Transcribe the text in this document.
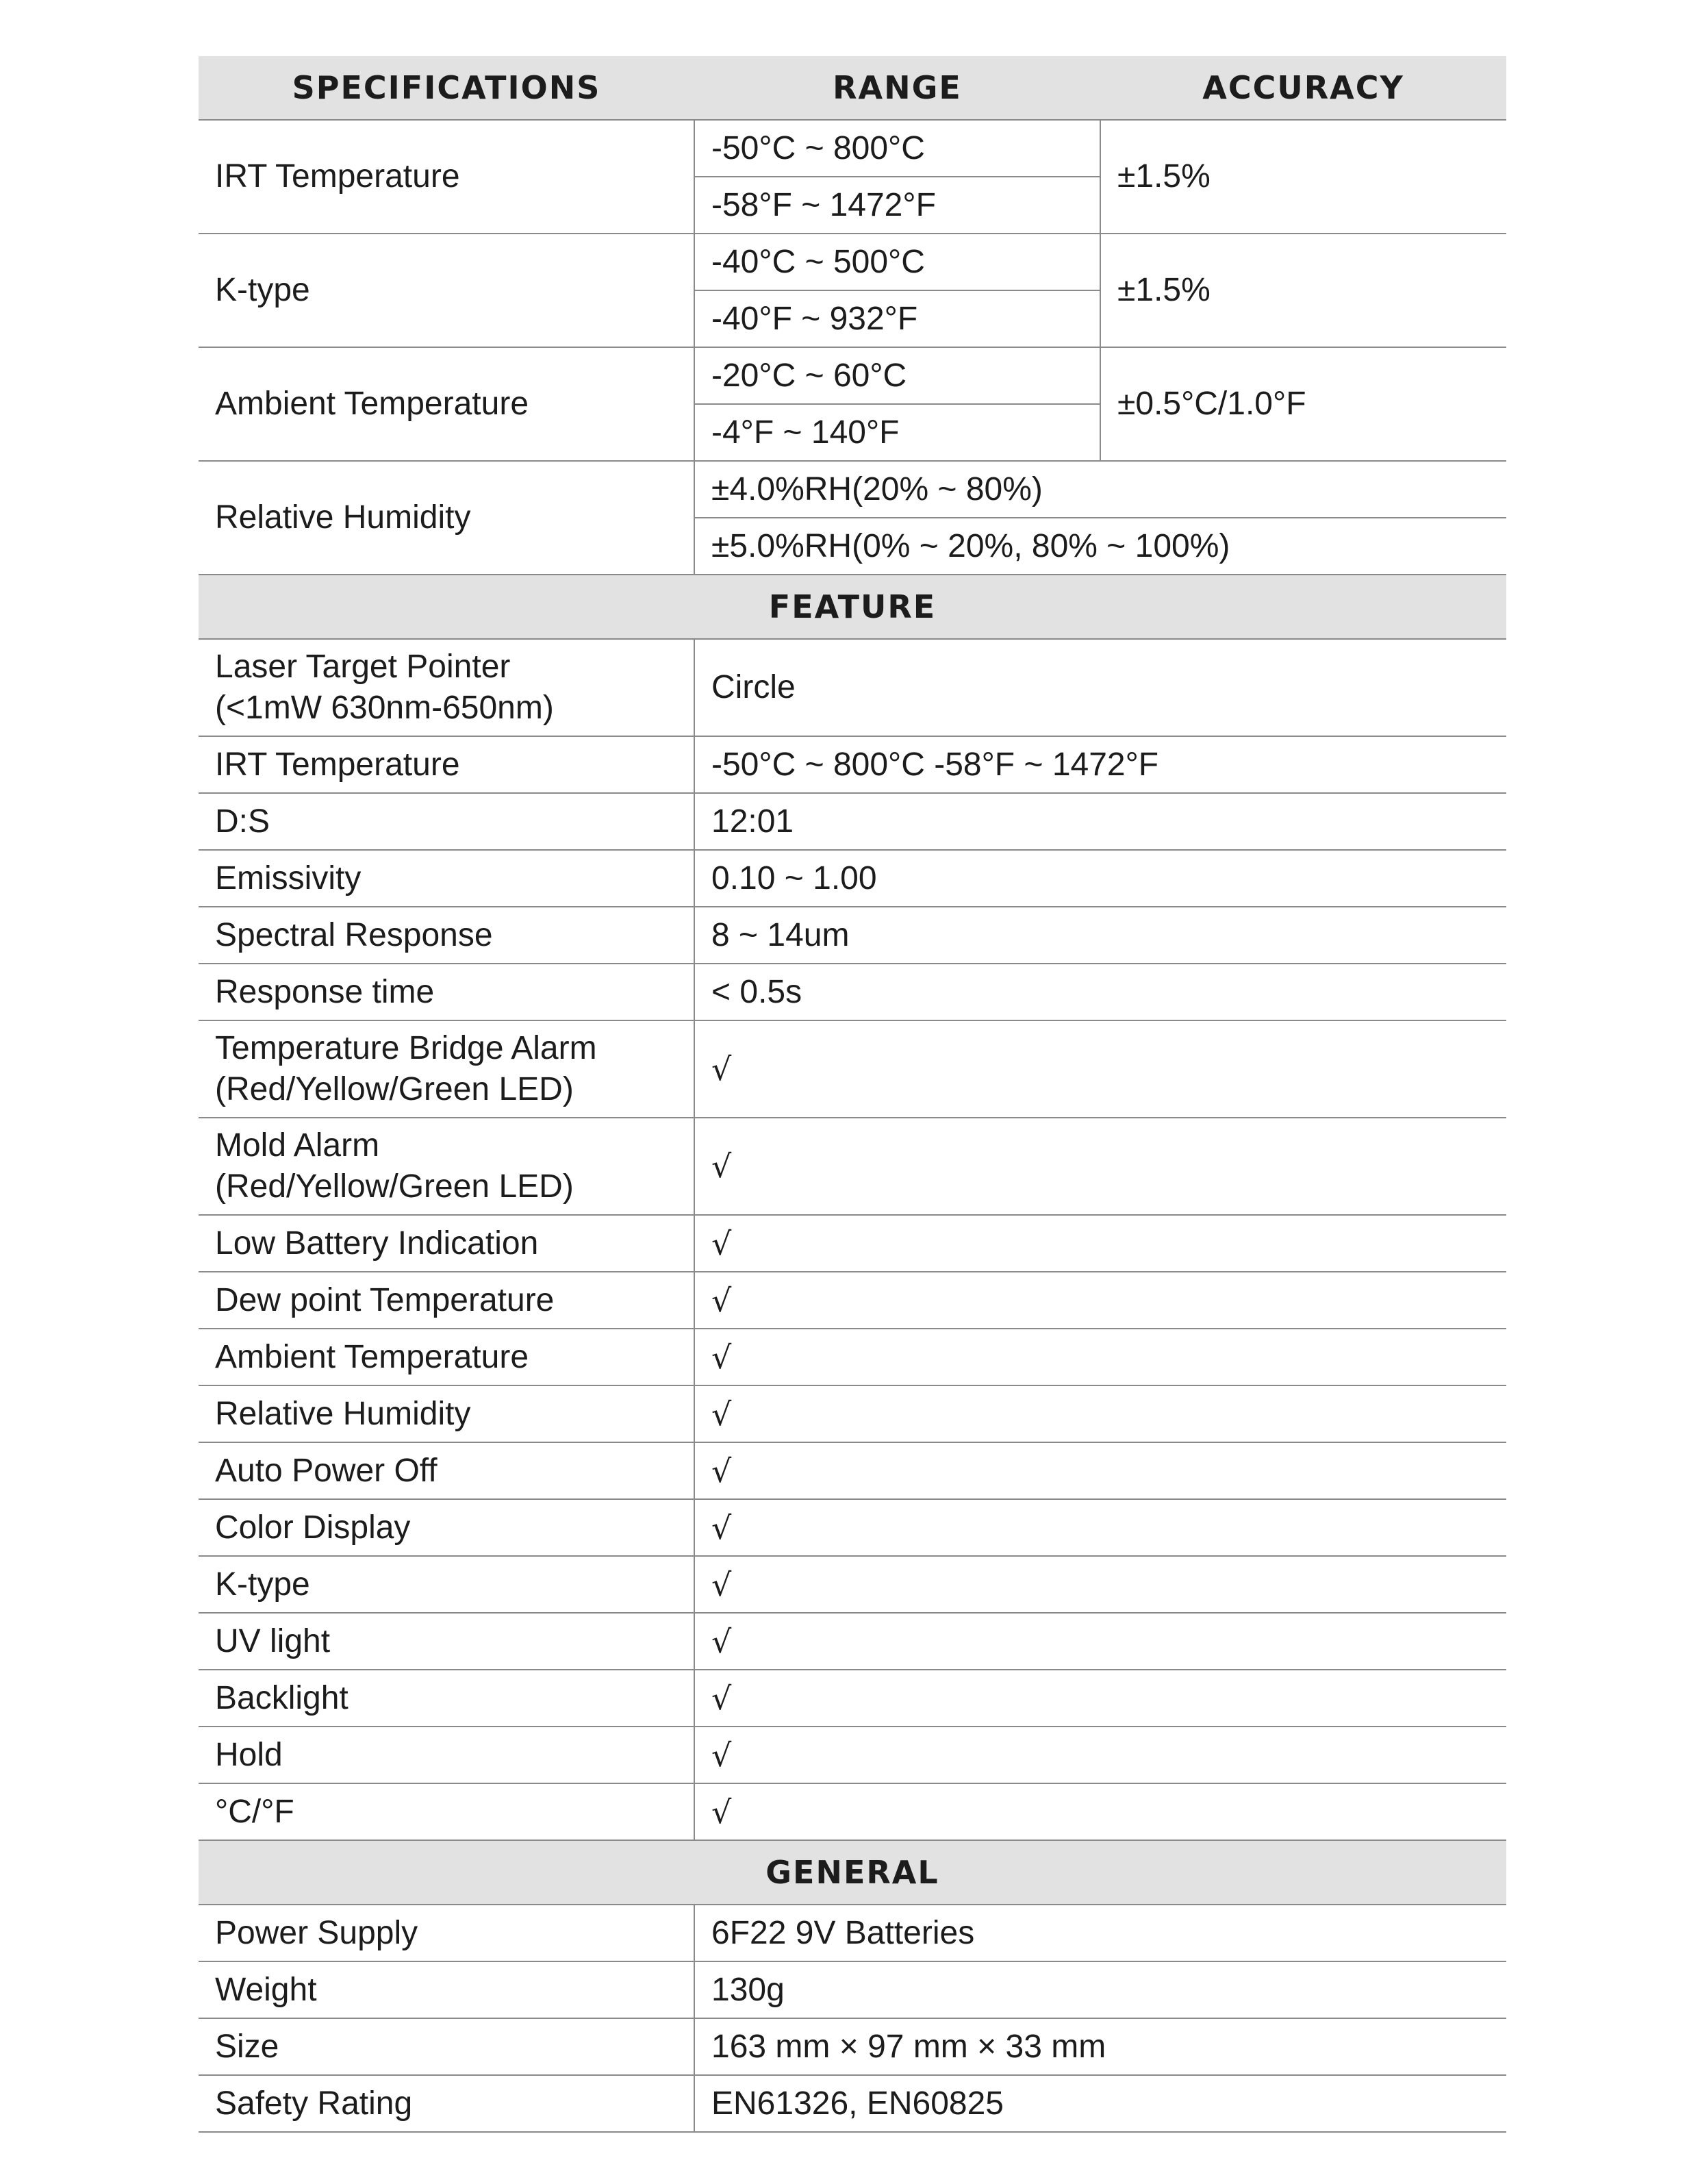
SPECIFICATIONS	RANGE	ACCURACY
IRT Temperature	-50°C ~ 800°C	±1.5%
	-58°F ~ 1472°F	
K-type	-40°C ~ 500°C	±1.5%
	-40°F ~ 932°F	
Ambient Temperature	-20°C ~ 60°C	±0.5°C/1.0°F
	-4°F ~ 140°F	
Relative Humidity	±4.0%RH(20% ~ 80%)	
	±5.0%RH(0% ~ 20%, 80% ~ 100%)	
FEATURE		

Laser Target Pointer
(<1mW 630nm-650nm)	Circle	
IRT Temperature	-50°C ~ 800°C -58°F ~ 1472°F	
D:S	12:01	
Emissivity	0.10 ~ 1.00	
Spectral Response	8 ~ 14um	
Response time	< 0.5s	

Temperature Bridge Alarm
(Red/Yellow/Green LED)	√	

Mold Alarm
(Red/Yellow/Green LED)	√	
Low Battery Indication	√	
Dew point Temperature	√	
Ambient Temperature	√	
Relative Humidity	√	
Auto Power Off	√	
Color Display	√	
K-type	√	
UV light	√	
Backlight	√	
Hold	√	
°C/°F	√	
GENERAL		
Power Supply	6F22 9V Batteries	
Weight	130g	
Size	163 mm × 97 mm × 33 mm	
Safety Rating	EN61326, EN60825	
